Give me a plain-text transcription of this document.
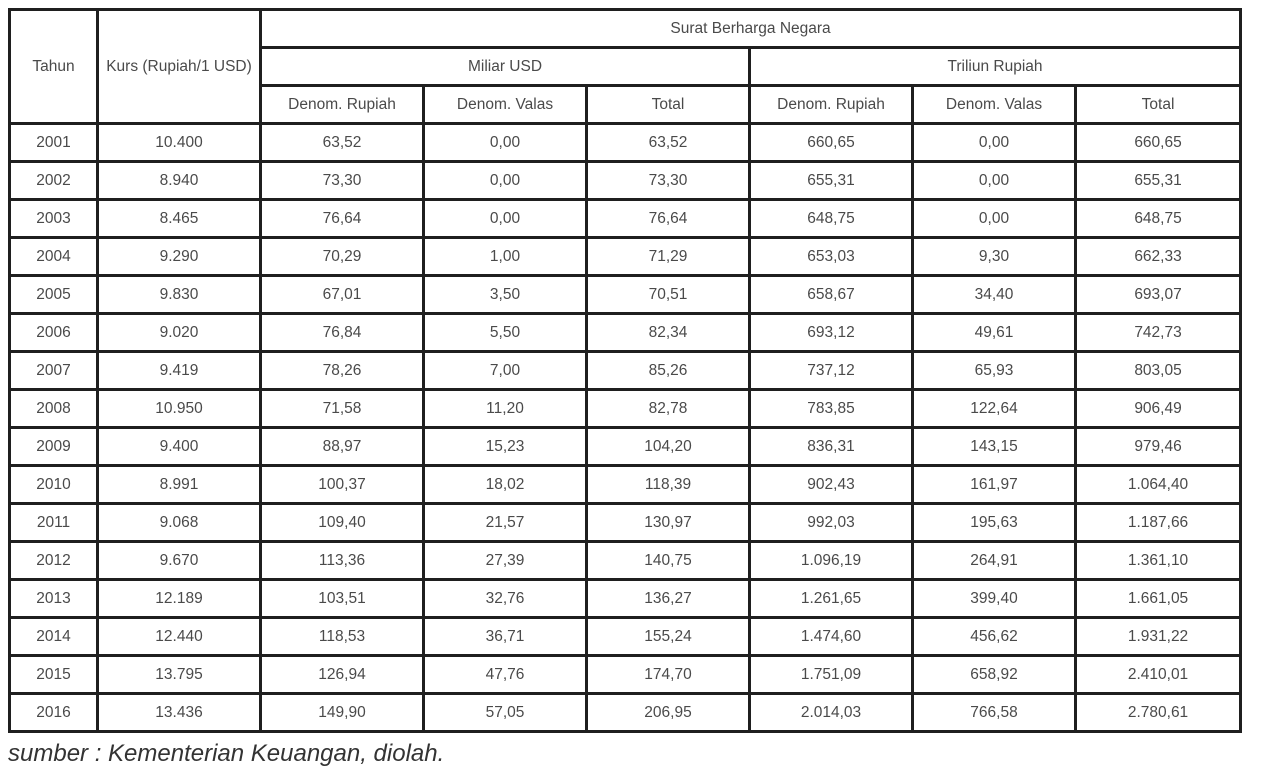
Tahun	Kurs (Rupiah/1 USD)	Surat Berharga Negara					
		Miliar USD			Triliun Rupiah		
		Denom. Rupiah	Denom. Valas	Total	Denom. Rupiah	Denom. Valas	Total
2001	10.400	63,52	0,00	63,52	660,65	0,00	660,65
2002	8.940	73,30	0,00	73,30	655,31	0,00	655,31
2003	8.465	76,64	0,00	76,64	648,75	0,00	648,75
2004	9.290	70,29	1,00	71,29	653,03	9,30	662,33
2005	9.830	67,01	3,50	70,51	658,67	34,40	693,07
2006	9.020	76,84	5,50	82,34	693,12	49,61	742,73
2007	9.419	78,26	7,00	85,26	737,12	65,93	803,05
2008	10.950	71,58	11,20	82,78	783,85	122,64	906,49
2009	9.400	88,97	15,23	104,20	836,31	143,15	979,46
2010	8.991	100,37	18,02	118,39	902,43	161,97	1.064,40
2011	9.068	109,40	21,57	130,97	992,03	195,63	1.187,66
2012	9.670	113,36	27,39	140,75	1.096,19	264,91	1.361,10
2013	12.189	103,51	32,76	136,27	1.261,65	399,40	1.661,05
2014	12.440	118,53	36,71	155,24	1.474,60	456,62	1.931,22
2015	13.795	126,94	47,76	174,70	1.751,09	658,92	2.410,01
2016	13.436	149,90	57,05	206,95	2.014,03	766,58	2.780,61

sumber : Kementerian Keuangan, diolah.
